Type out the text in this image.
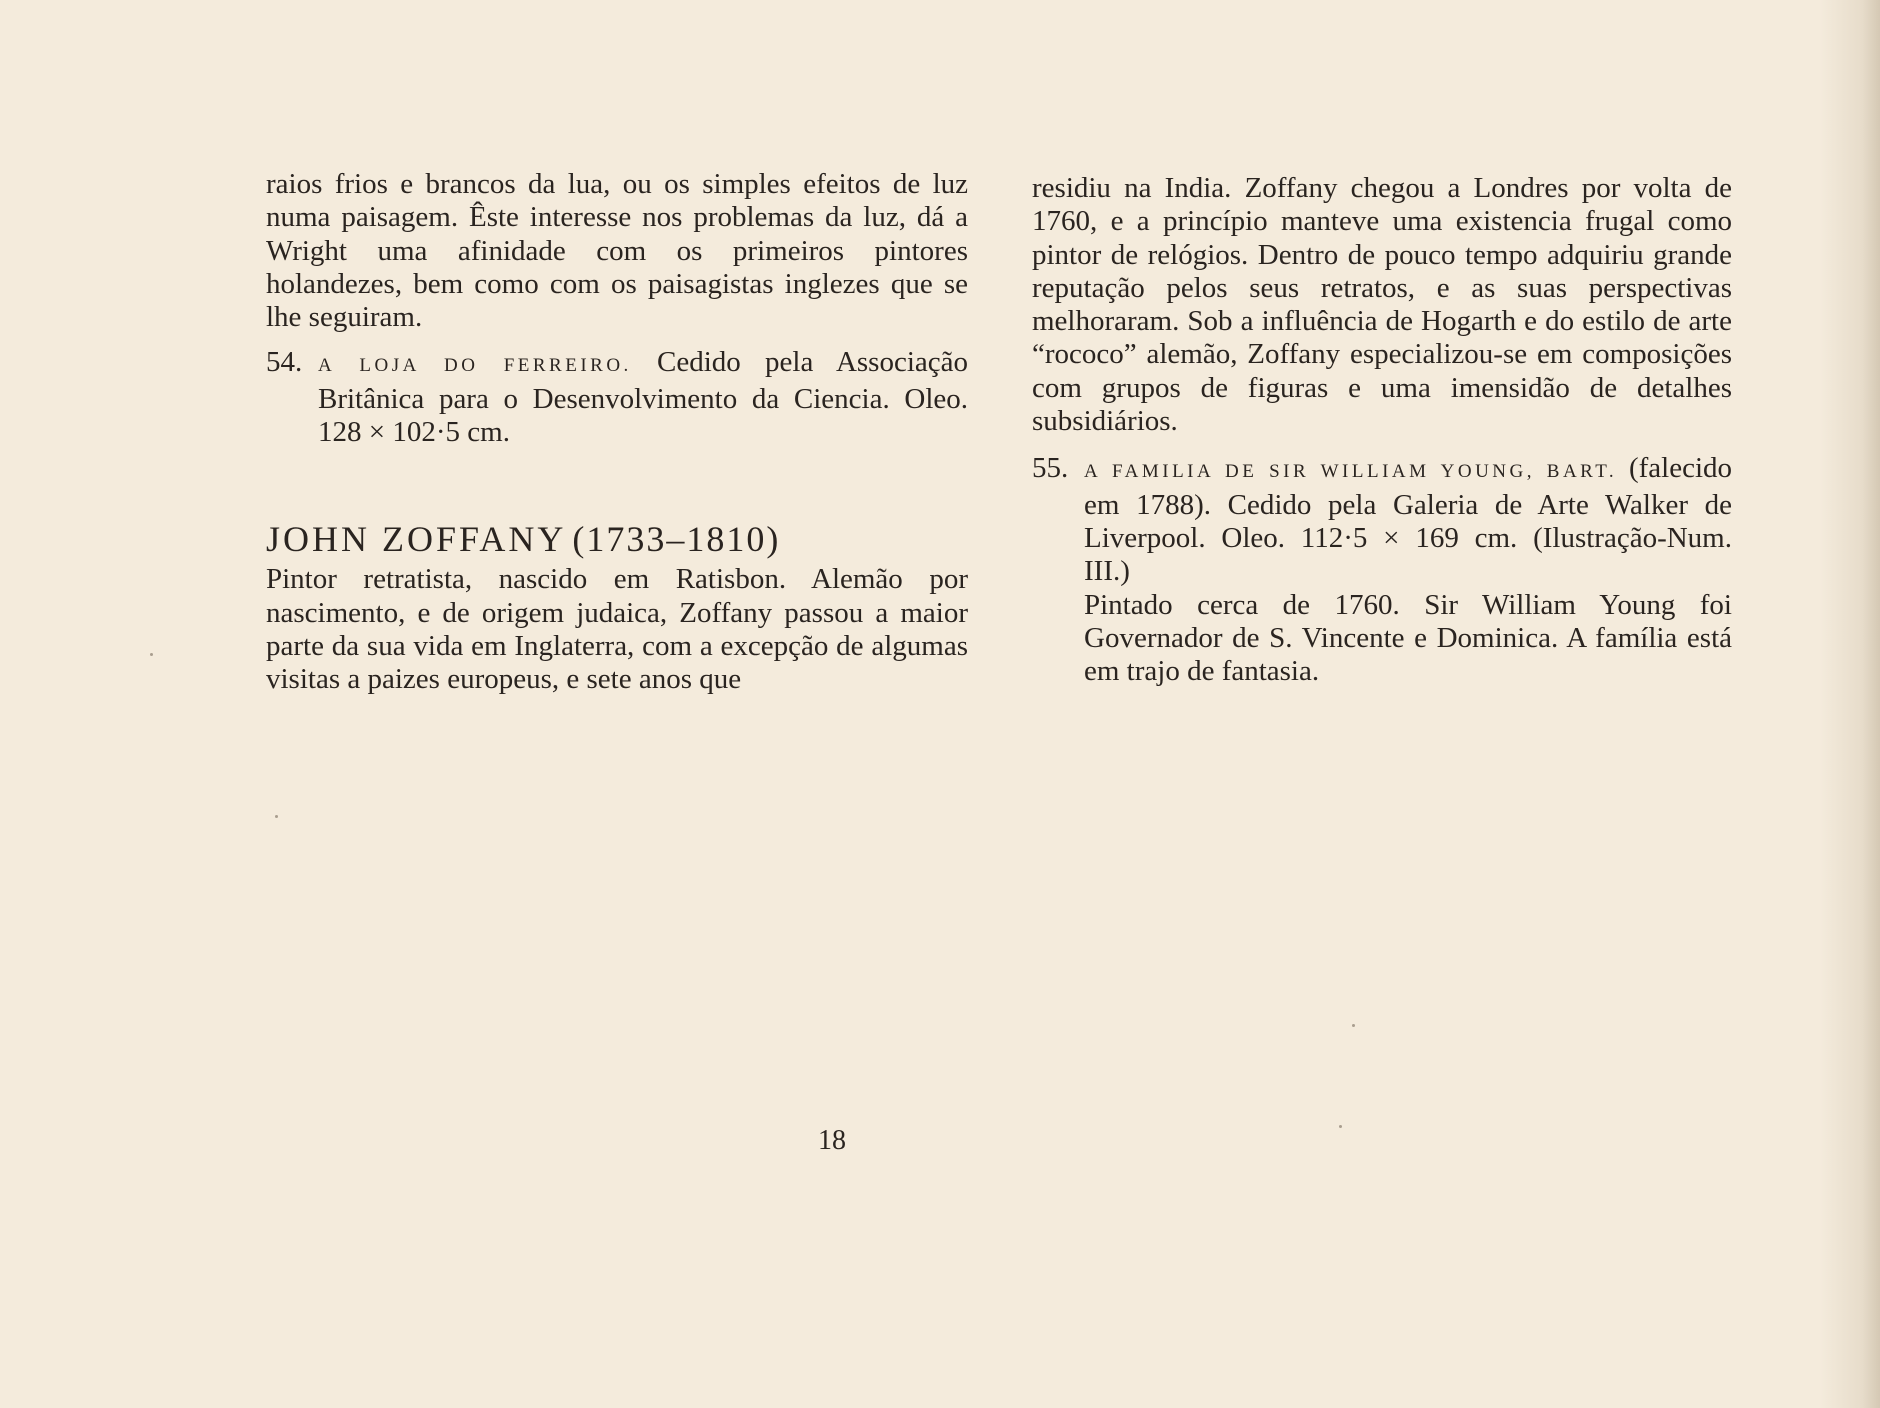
raios frios e brancos da lua, ou os simples efeitos de luz numa paisagem. Êste interesse nos problemas da luz, dá a Wright uma afinidade com os primeiros pintores holandezes, bem como com os paisagistas inglezes que se lhe seguiram.

54. A LOJA DO FERREIRO. Cedido pela Associação Britânica para o Desenvolvimento da Ciencia. Oleo. 128 × 102·5 cm.
JOHN ZOFFANY (1733–1810)

Pintor retratista, nascido em Ratisbon. Alemão por nascimento, e de origem judaica, Zoffany passou a maior parte da sua vida em Inglaterra, com a excepção de algumas visitas a paizes europeus, e sete anos que

residiu na India. Zoffany chegou a Londres por volta de 1760, e a princípio manteve uma existencia frugal como pintor de relógios. Dentro de pouco tempo adquiriu grande reputação pelos seus retratos, e as suas perspectivas melhoraram. Sob a influência de Hogarth e do estilo de arte “rococo” alemão, Zoffany especializou-se em composições com grupos de figuras e uma imensidão de detalhes subsidiários.

55. A FAMILIA DE SIR WILLIAM YOUNG, BART. (falecido em 1788). Cedido pela Galeria de Arte Walker de Liverpool. Oleo. 112·5 × 169 cm. (Ilustração-Num. III.)
Pintado cerca de 1760. Sir William Young foi Governador de S. Vincente e Dominica. A família está em trajo de fantasia.
18
